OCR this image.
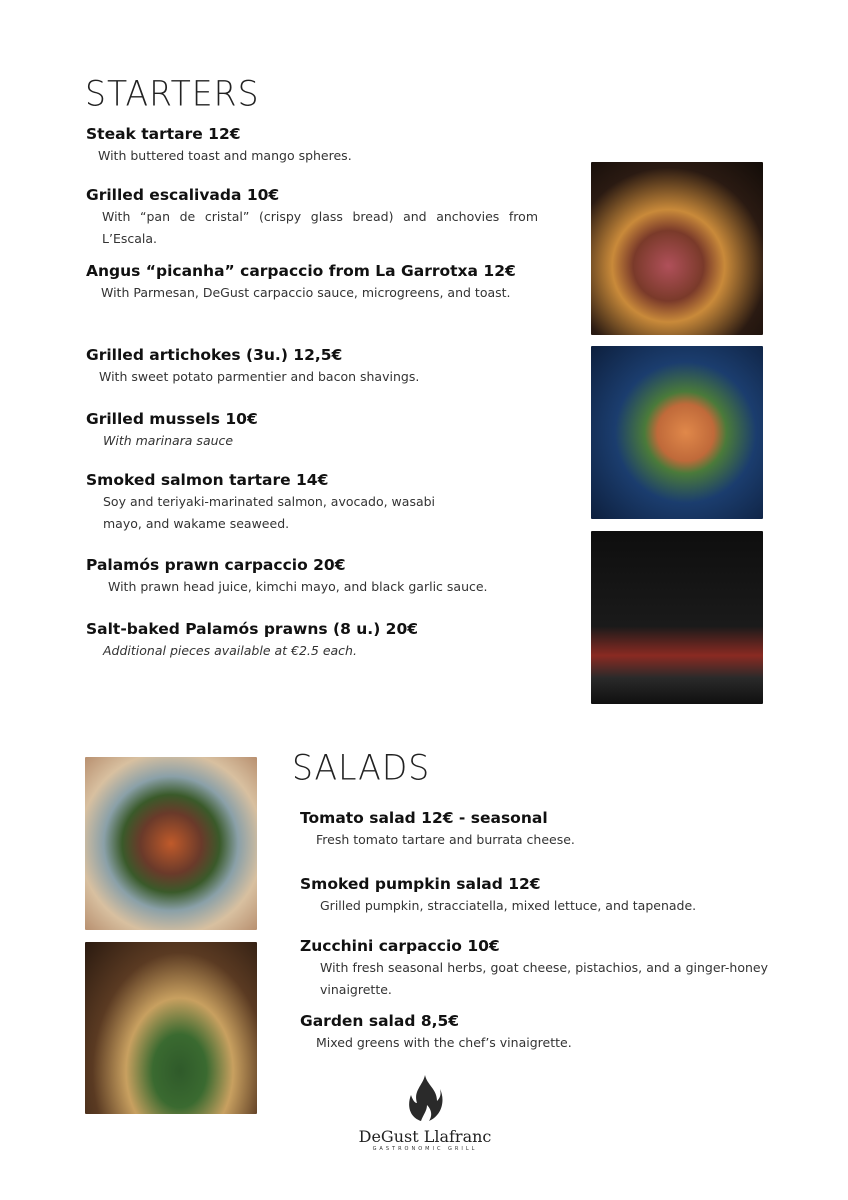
STARTERS
Steak tartare 12€
With buttered toast and mango spheres.
Grilled escalivada 10€
With “pan de cristal” (crispy glass bread) and anchovies from L’Escala.
Angus “picanha” carpaccio from La Garrotxa 12€
With Parmesan, DeGust carpaccio sauce, microgreens, and toast.
Grilled artichokes (3u.) 12,5€
With sweet potato parmentier and bacon shavings.
Grilled mussels 10€
With marinara sauce
Smoked salmon tartare 14€
Soy and teriyaki-marinated salmon, avocado, wasabi mayo, and wakame seaweed.
Palamós prawn carpaccio 20€
With prawn head juice, kimchi mayo, and black garlic sauce.
Salt-baked Palamós prawns (8 u.) 20€
Additional pieces available at €2.5 each.
SALADS
Tomato salad 12€ - seasonal
Fresh tomato tartare and burrata cheese.
Smoked pumpkin salad 12€
Grilled pumpkin, stracciatella, mixed lettuce, and tapenade.
Zucchini carpaccio 10€
With fresh seasonal herbs, goat cheese, pistachios, and a ginger-honey vinaigrette.
Garden salad 8,5€
Mixed greens with the chef’s vinaigrette.
DeGust Llafranc
GASTRONOMIC GRILL
